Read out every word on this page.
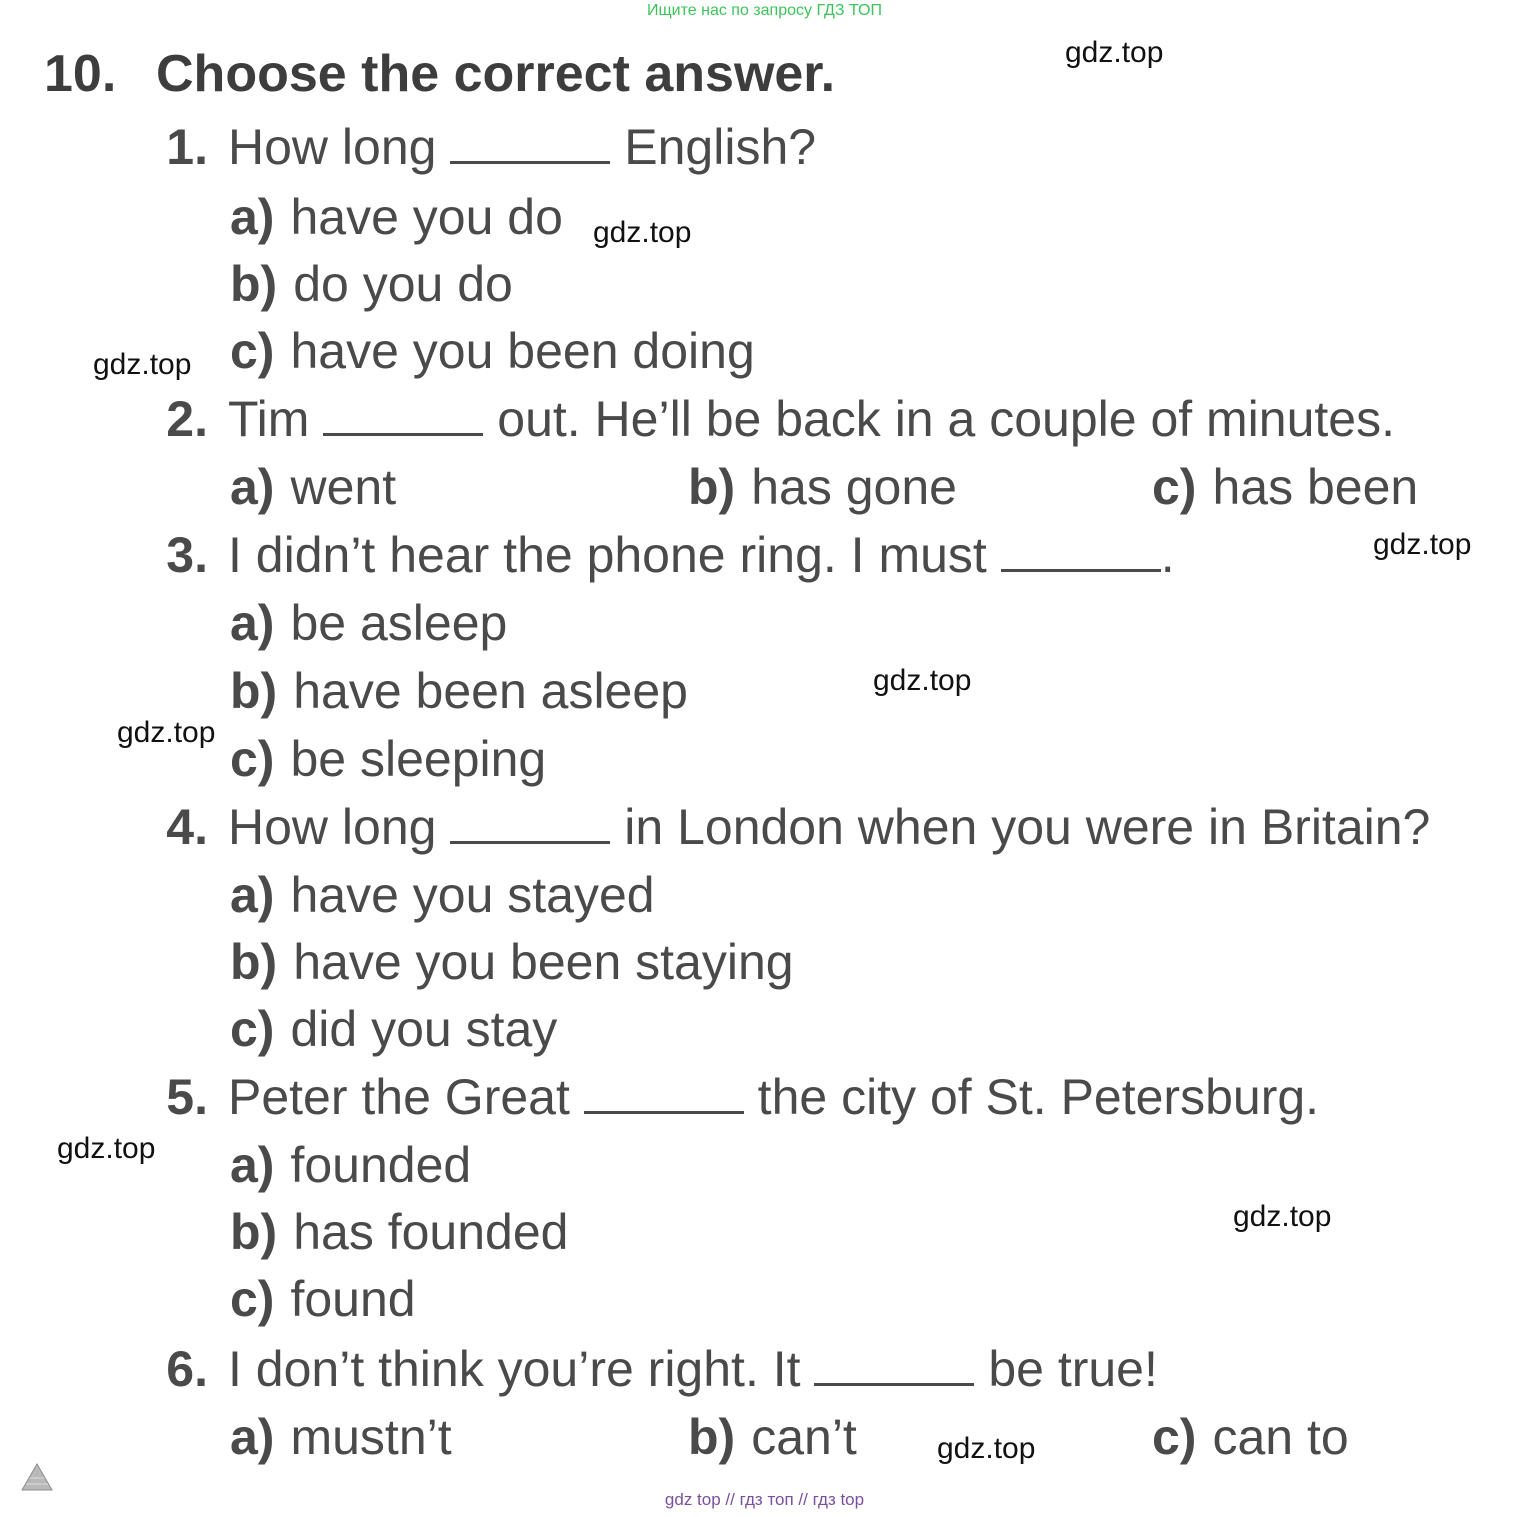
Ищите нас по запросу ГДЗ ТОП
10. Choose the correct answer.
1. How long	English?
a) have you do
b) do you do
c) have you been doing
2. Tim	out. He’ll be back in a couple of minutes.
a) went	b) has gone	c) has been
3. I didn’t hear the phone ring. I must	.
a) be asleep
b) have been asleep
c) be sleeping
4. How long	in London when you were in Britain?
a) have you stayed
b) have you been staying
c) did you stay
5. Peter the Great	the city of St. Petersburg.
a) founded
b) has founded
c) found
6. I don’t think you’re right. It	be true!
a) mustn’t	b) can’t	c) can to
gdz.top
gdz.top
gdz.top
gdz.top
gdz.top
gdz.top
gdz.top
gdz.top
gdz.top
gdz top // гдз топ // гдз top
